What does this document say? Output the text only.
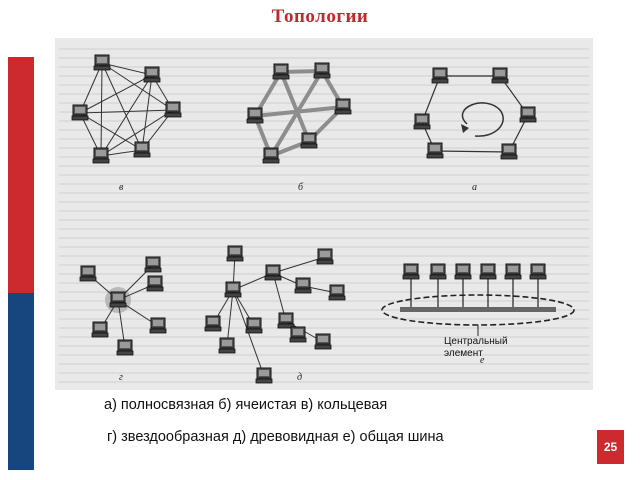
Топологии
в	б	а
г	д
е
Центральный
элемент
а) полносвязная б) ячеистая в) кольцевая
г) звездообразная д) древовидная е) общая шина
25
